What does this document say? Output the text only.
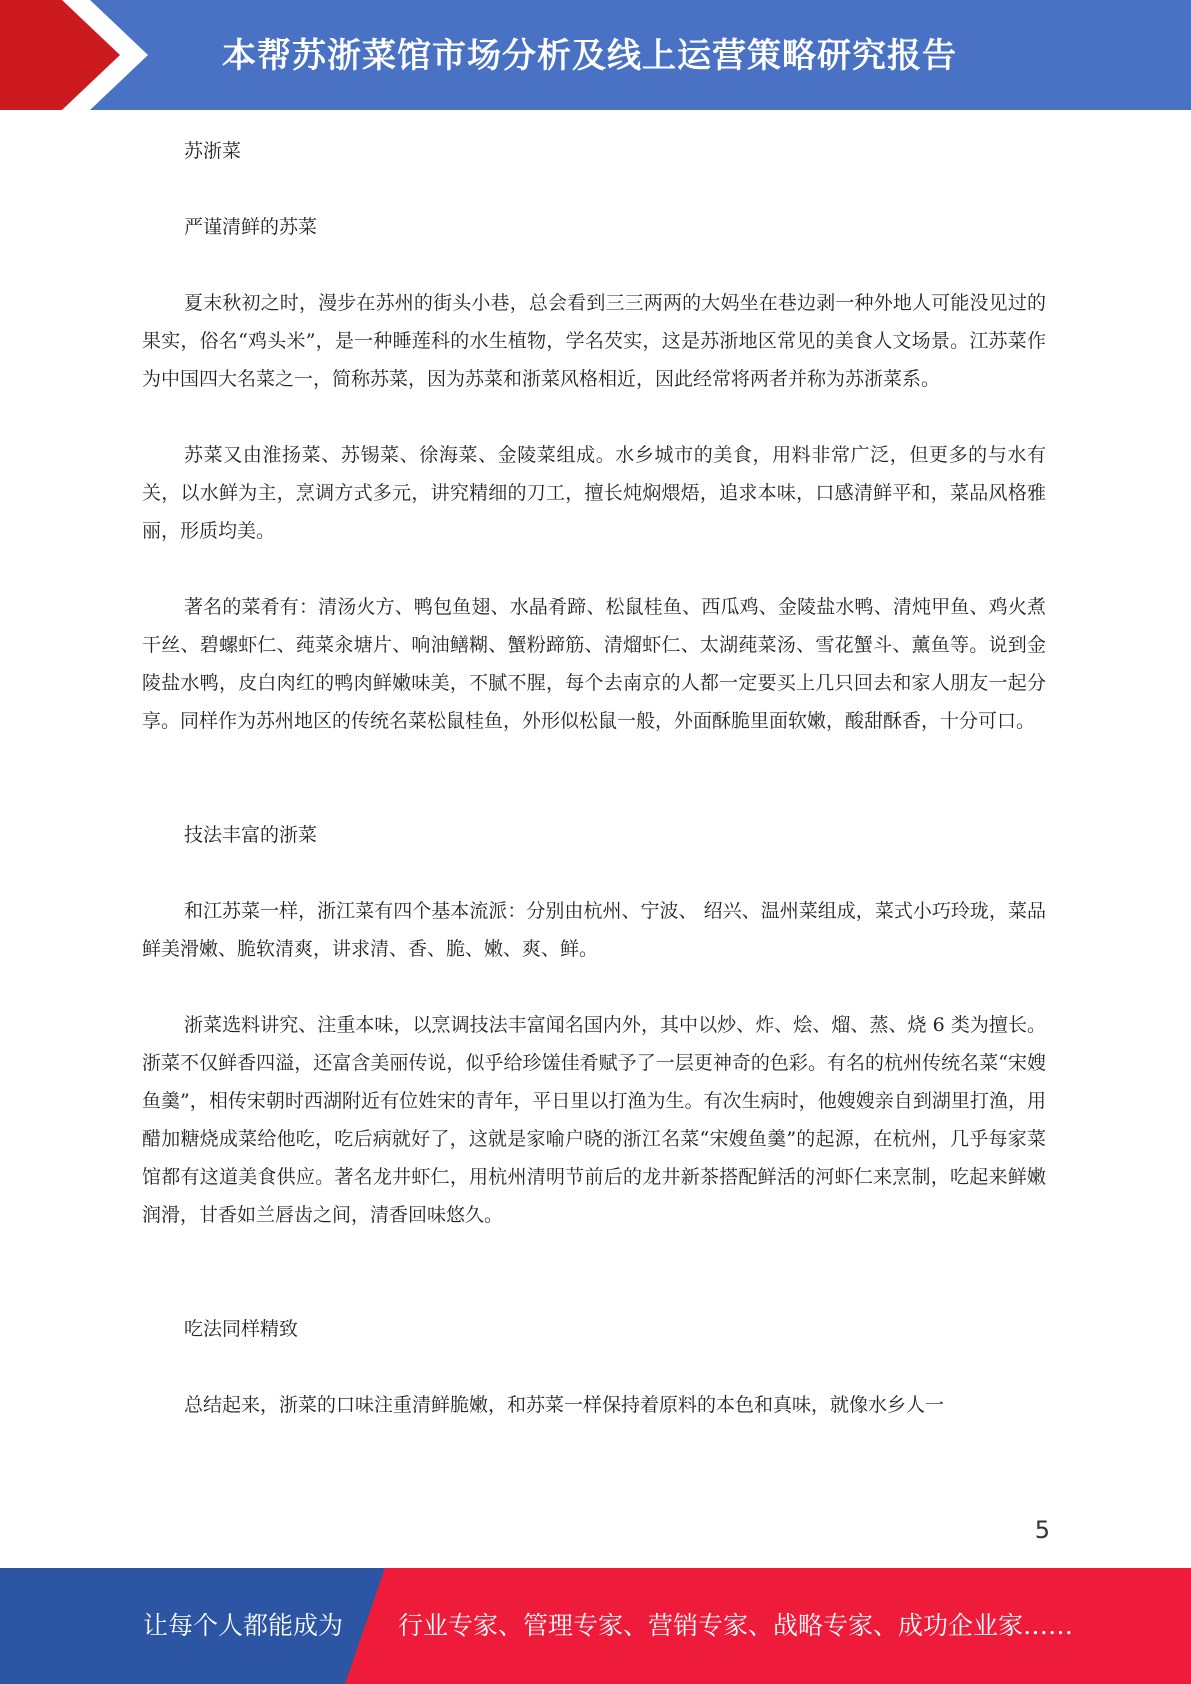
本帮苏浙菜馆市场分析及线上运营策略研究报告

苏浙菜

严谨清鲜的苏菜

夏末秋初之时，漫步在苏州的街头小巷，总会看到三三两两的大妈坐在巷边剥一种外地人可能没见过的果实，俗名“鸡头米”，是一种睡莲科的水生植物，学名芡实，这是苏浙地区常见的美食人文场景。江苏菜作为中国四大名菜之一，简称苏菜，因为苏菜和浙菜风格相近，因此经常将两者并称为苏浙菜系。

苏菜又由淮扬菜、苏锡菜、徐海菜、金陵菜组成。水乡城市的美食，用料非常广泛，但更多的与水有关，以水鲜为主，烹调方式多元，讲究精细的刀工，擅长炖焖煨焐，追求本味，口感清鲜平和，菜品风格雅丽，形质均美。

著名的菜肴有：清汤火方、鸭包鱼翅、水晶肴蹄、松鼠桂鱼、西瓜鸡、金陵盐水鸭、清炖甲鱼、鸡火煮干丝、碧螺虾仁、莼菜汆塘片、响油鳝糊、蟹粉蹄筋、清熘虾仁、太湖莼菜汤、雪花蟹斗、薰鱼等。说到金陵盐水鸭，皮白肉红的鸭肉鲜嫩味美，不腻不腥，每个去南京的人都一定要买上几只回去和家人朋友一起分享。同样作为苏州地区的传统名菜松鼠桂鱼，外形似松鼠一般，外面酥脆里面软嫩，酸甜酥香，十分可口。

技法丰富的浙菜

和江苏菜一样，浙江菜有四个基本流派：分别由杭州、宁波、 绍兴、温州菜组成，菜式小巧玲珑，菜品鲜美滑嫩、脆软清爽，讲求清、香、脆、嫩、爽、鲜。

浙菜选料讲究、注重本味，以烹调技法丰富闻名国内外，其中以炒、炸、烩、熘、蒸、烧 6 类为擅长。浙菜不仅鲜香四溢，还富含美丽传说，似乎给珍馐佳肴赋予了一层更神奇的色彩。有名的杭州传统名菜“宋嫂鱼羹”，相传宋朝时西湖附近有位姓宋的青年，平日里以打渔为生。有次生病时，他嫂嫂亲自到湖里打渔，用醋加糖烧成菜给他吃，吃后病就好了，这就是家喻户晓的浙江名菜“宋嫂鱼羹”的起源，在杭州，几乎每家菜馆都有这道美食供应。著名龙井虾仁，用杭州清明节前后的龙井新茶搭配鲜活的河虾仁来烹制，吃起来鲜嫩润滑，甘香如兰唇齿之间，清香回味悠久。

吃法同样精致

总结起来，浙菜的口味注重清鲜脆嫩，和苏菜一样保持着原料的本色和真味，就像水乡人一

5
让每个人都能成为 行业专家、管理专家、营销专家、战略专家、成功企业家……
